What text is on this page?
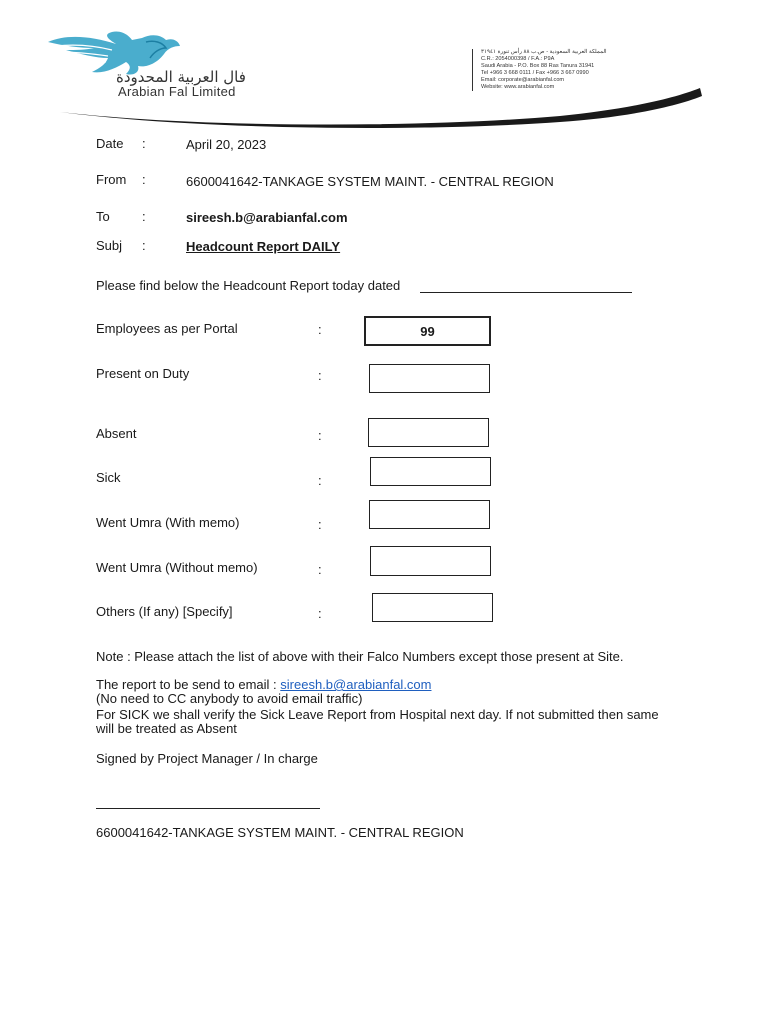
فال العربية المحدودة
Arabian Fal Limited
المملكة العربية السعودية - ص.ب ٨٨ رأس تنورة ٣١٩٤١
C.R.: 2054000398 / F.A.: P9A
Saudi Arabia - P.O. Box 88 Ras Tanura 31941
Tel +966 3 668 0111 / Fax +966 3 667 0990
Email: corporate@arabianfal.com
Website: www.arabianfal.com
Date :	April 20, 2023
From :	6600041642-TANKAGE SYSTEM MAINT. - CENTRAL REGION
To :	sireesh.b@arabianfal.com
Subj :	Headcount Report DAILY
Please find below the Headcount Report today dated
Employees as per Portal	:	99
Present on Duty	:
Absent	:
Sick	:
Went Umra (With memo)	:
Went Umra (Without memo)	:
Others (If any) [Specify]	:
Note : Please attach the list of above with their Falco Numbers except those present at Site.
The report to be send to email : sireesh.b@arabianfal.com
(No need to CC anybody to avoid email traffic)
For SICK we shall verify the Sick Leave Report from Hospital next day. If not submitted then same
will be treated as Absent
Signed by Project Manager / In charge
6600041642-TANKAGE SYSTEM MAINT. - CENTRAL REGION
